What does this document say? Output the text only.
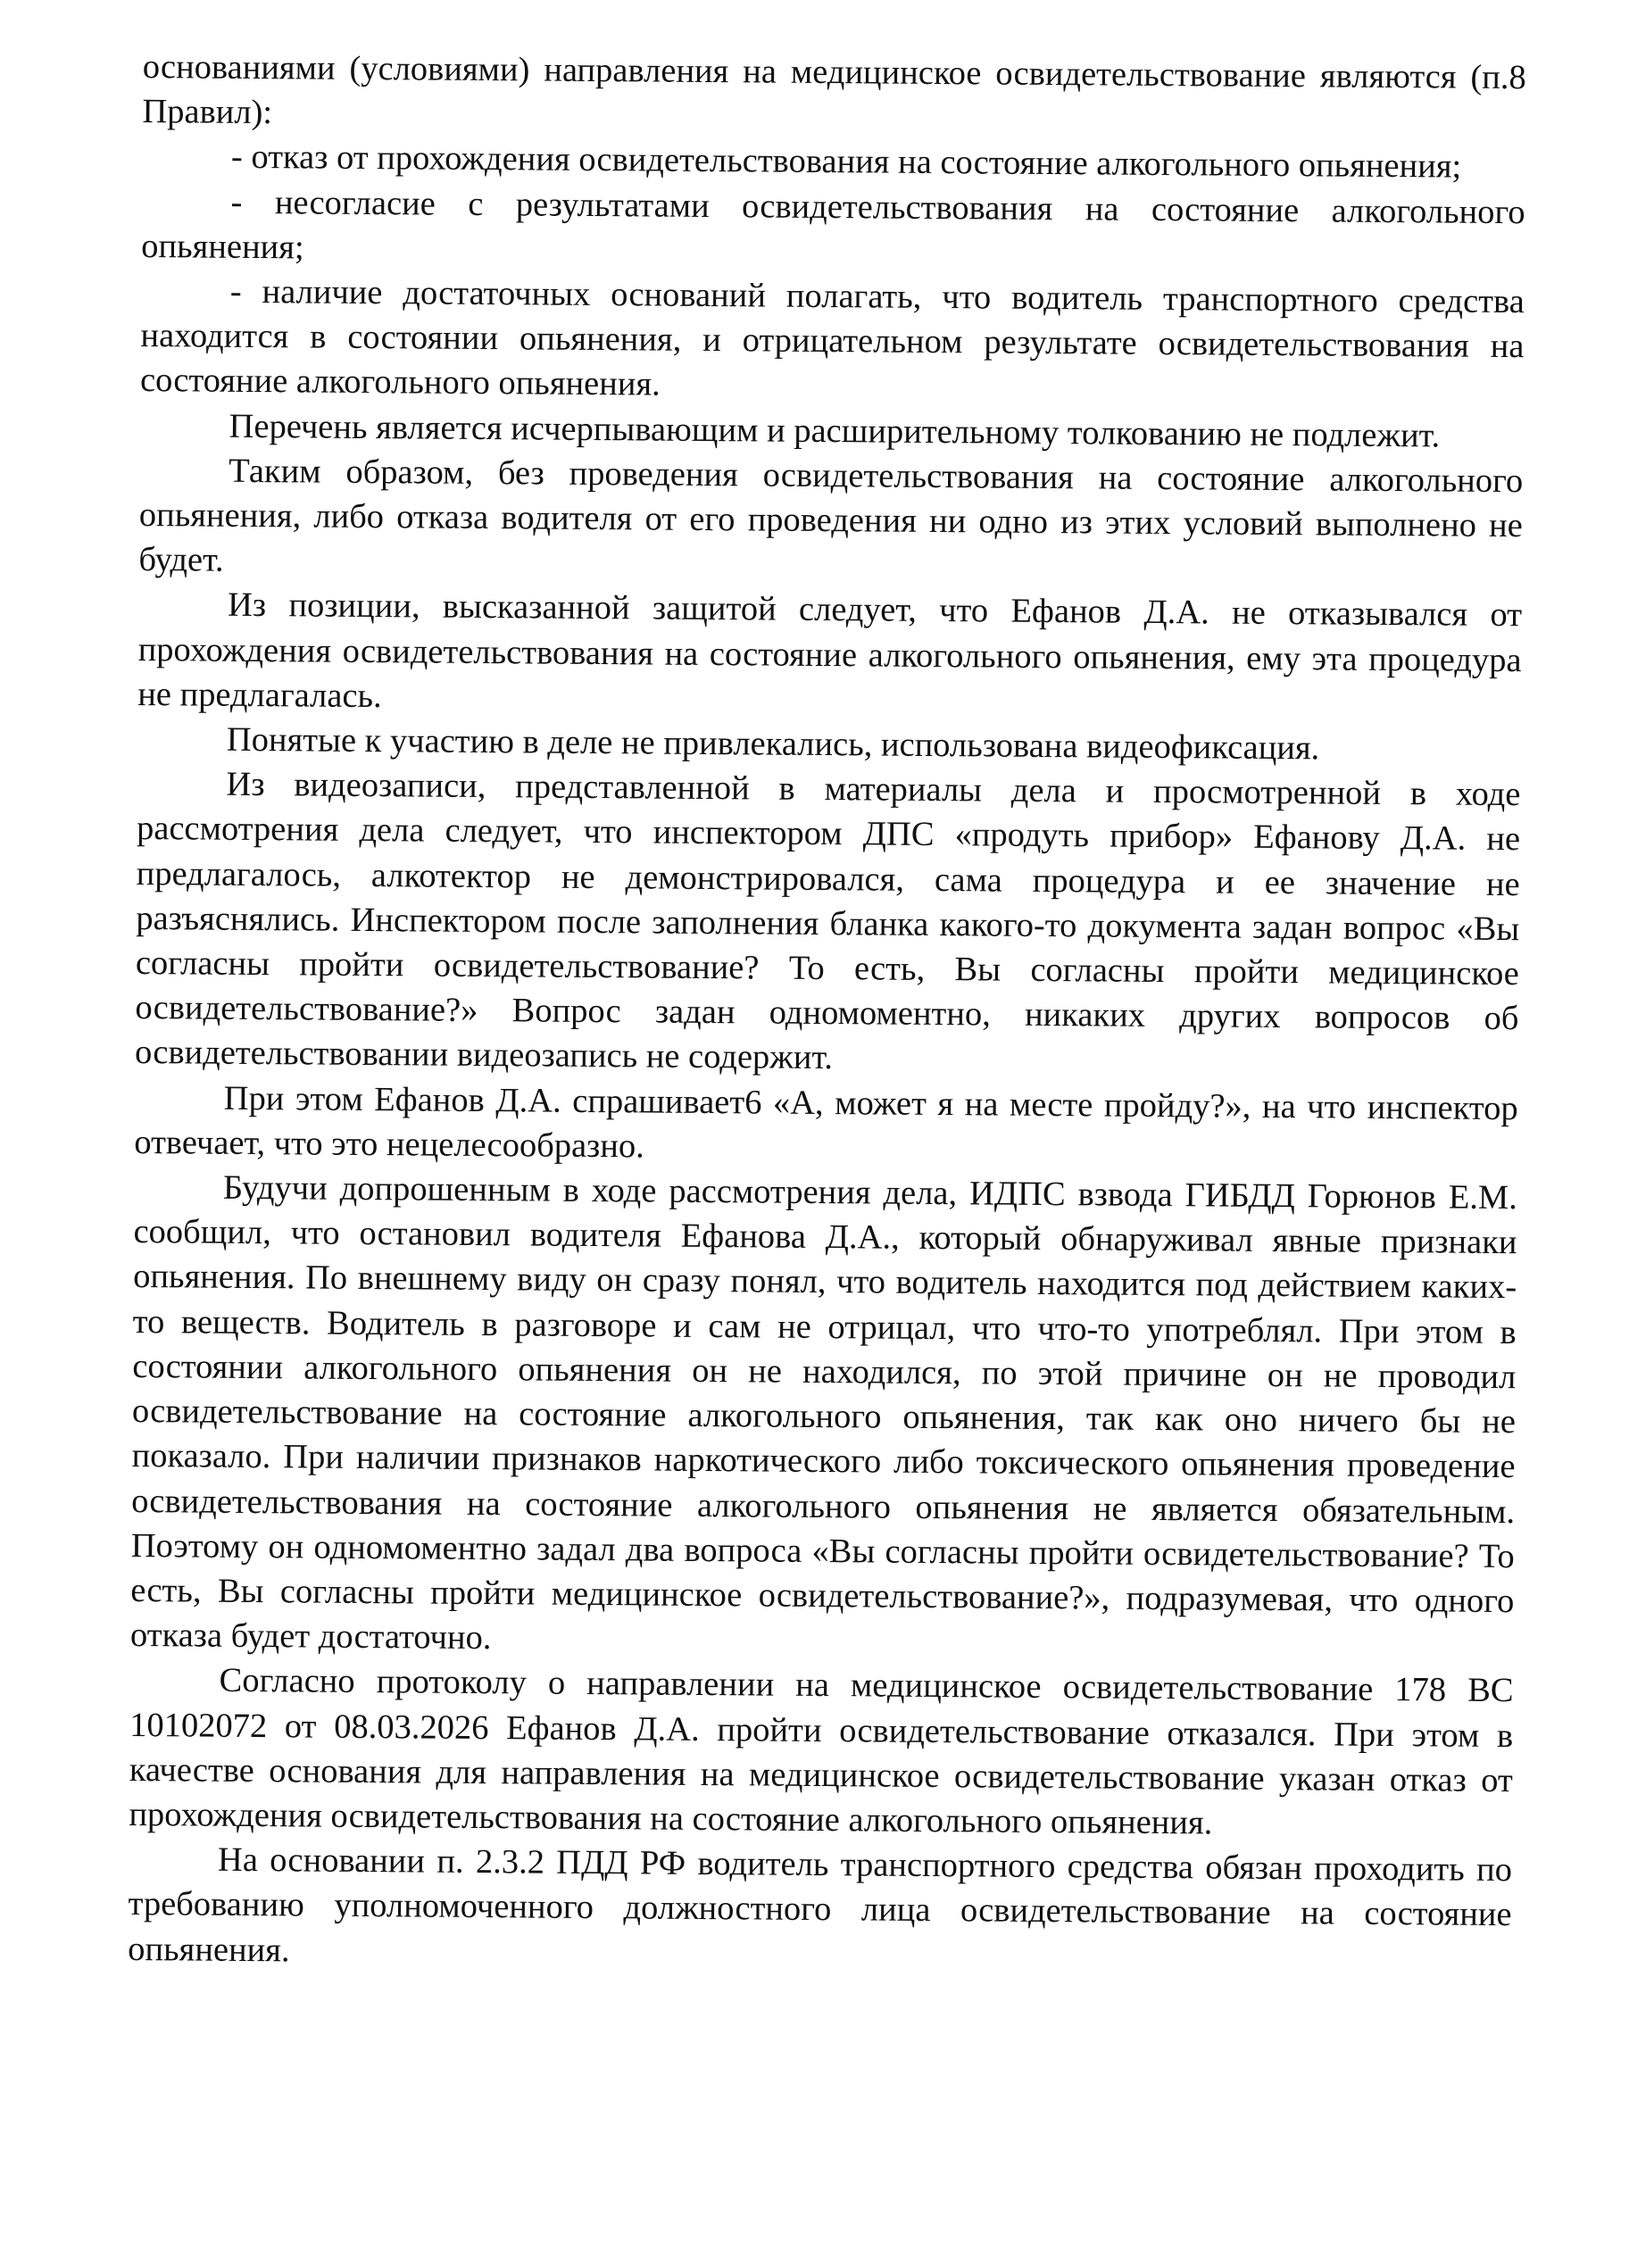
основаниями (условиями) направления на медицинское освидетельствование являются (п.8 Правил):

- отказ от прохождения освидетельствования на состояние алкогольного опьянения;

- несогласие с результатами освидетельствования на состояние алкогольного опьянения;

- наличие достаточных оснований полагать, что водитель транспортного средства находится в состоянии опьянения, и отрицательном результате освидетельствования на состояние алкогольного опьянения.

Перечень является исчерпывающим и расширительному толкованию не подлежит.

Таким образом, без проведения освидетельствования на состояние алкогольного опьянения, либо отказа водителя от его проведения ни одно из этих условий выполнено не будет.

Из позиции, высказанной защитой следует, что Ефанов Д.А. не отказывался от прохождения освидетельствования на состояние алкогольного опьянения, ему эта процедура не предлагалась.

Понятые к участию в деле не привлекались, использована видеофиксация.

Из видеозаписи, представленной в материалы дела и просмотренной в ходе рассмотрения дела следует, что инспектором ДПС «продуть прибор» Ефанову Д.А. не предлагалось, алкотектор не демонстрировался, сама процедура и ее значение не разъяснялись. Инспектором после заполнения бланка какого-то документа задан вопрос «Вы согласны пройти освидетельствование? То есть, Вы согласны пройти медицинское освидетельствование?» Вопрос задан одномоментно, никаких других вопросов об освидетельствовании видеозапись не содержит.

При этом Ефанов Д.А. спрашивает6 «А, может я на месте пройду?», на что инспектор отвечает, что это нецелесообразно.

Будучи допрошенным в ходе рассмотрения дела, ИДПС взвода ГИБДД Горюнов Е.М. сообщил, что остановил водителя Ефанова Д.А., который обнаруживал явные признаки опьянения. По внешнему виду он сразу понял, что водитель находится под действием каких-то веществ. Водитель в разговоре и сам не отрицал, что что-то употреблял. При этом в состоянии алкогольного опьянения он не находился, по этой причине он не проводил освидетельствование на состояние алкогольного опьянения, так как оно ничего бы не показало. При наличии признаков наркотического либо токсического опьянения проведение освидетельствования на состояние алкогольного опьянения не является обязательным. Поэтому он одномоментно задал два вопроса «Вы согласны пройти освидетельствование? То есть, Вы согласны пройти медицинское освидетельствование?», подразумевая, что одного отказа будет достаточно.

Согласно протоколу о направлении на медицинское освидетельствование 178 ВС 10102072 от 08.03.2026 Ефанов Д.А. пройти освидетельствование отказался. При этом в качестве основания для направления на медицинское освидетельствование указан отказ от прохождения освидетельствования на состояние алкогольного опьянения.

На основании п. 2.3.2 ПДД РФ водитель транспортного средства обязан проходить по требованию уполномоченного должностного лица освидетельствование на состояние опьянения.
